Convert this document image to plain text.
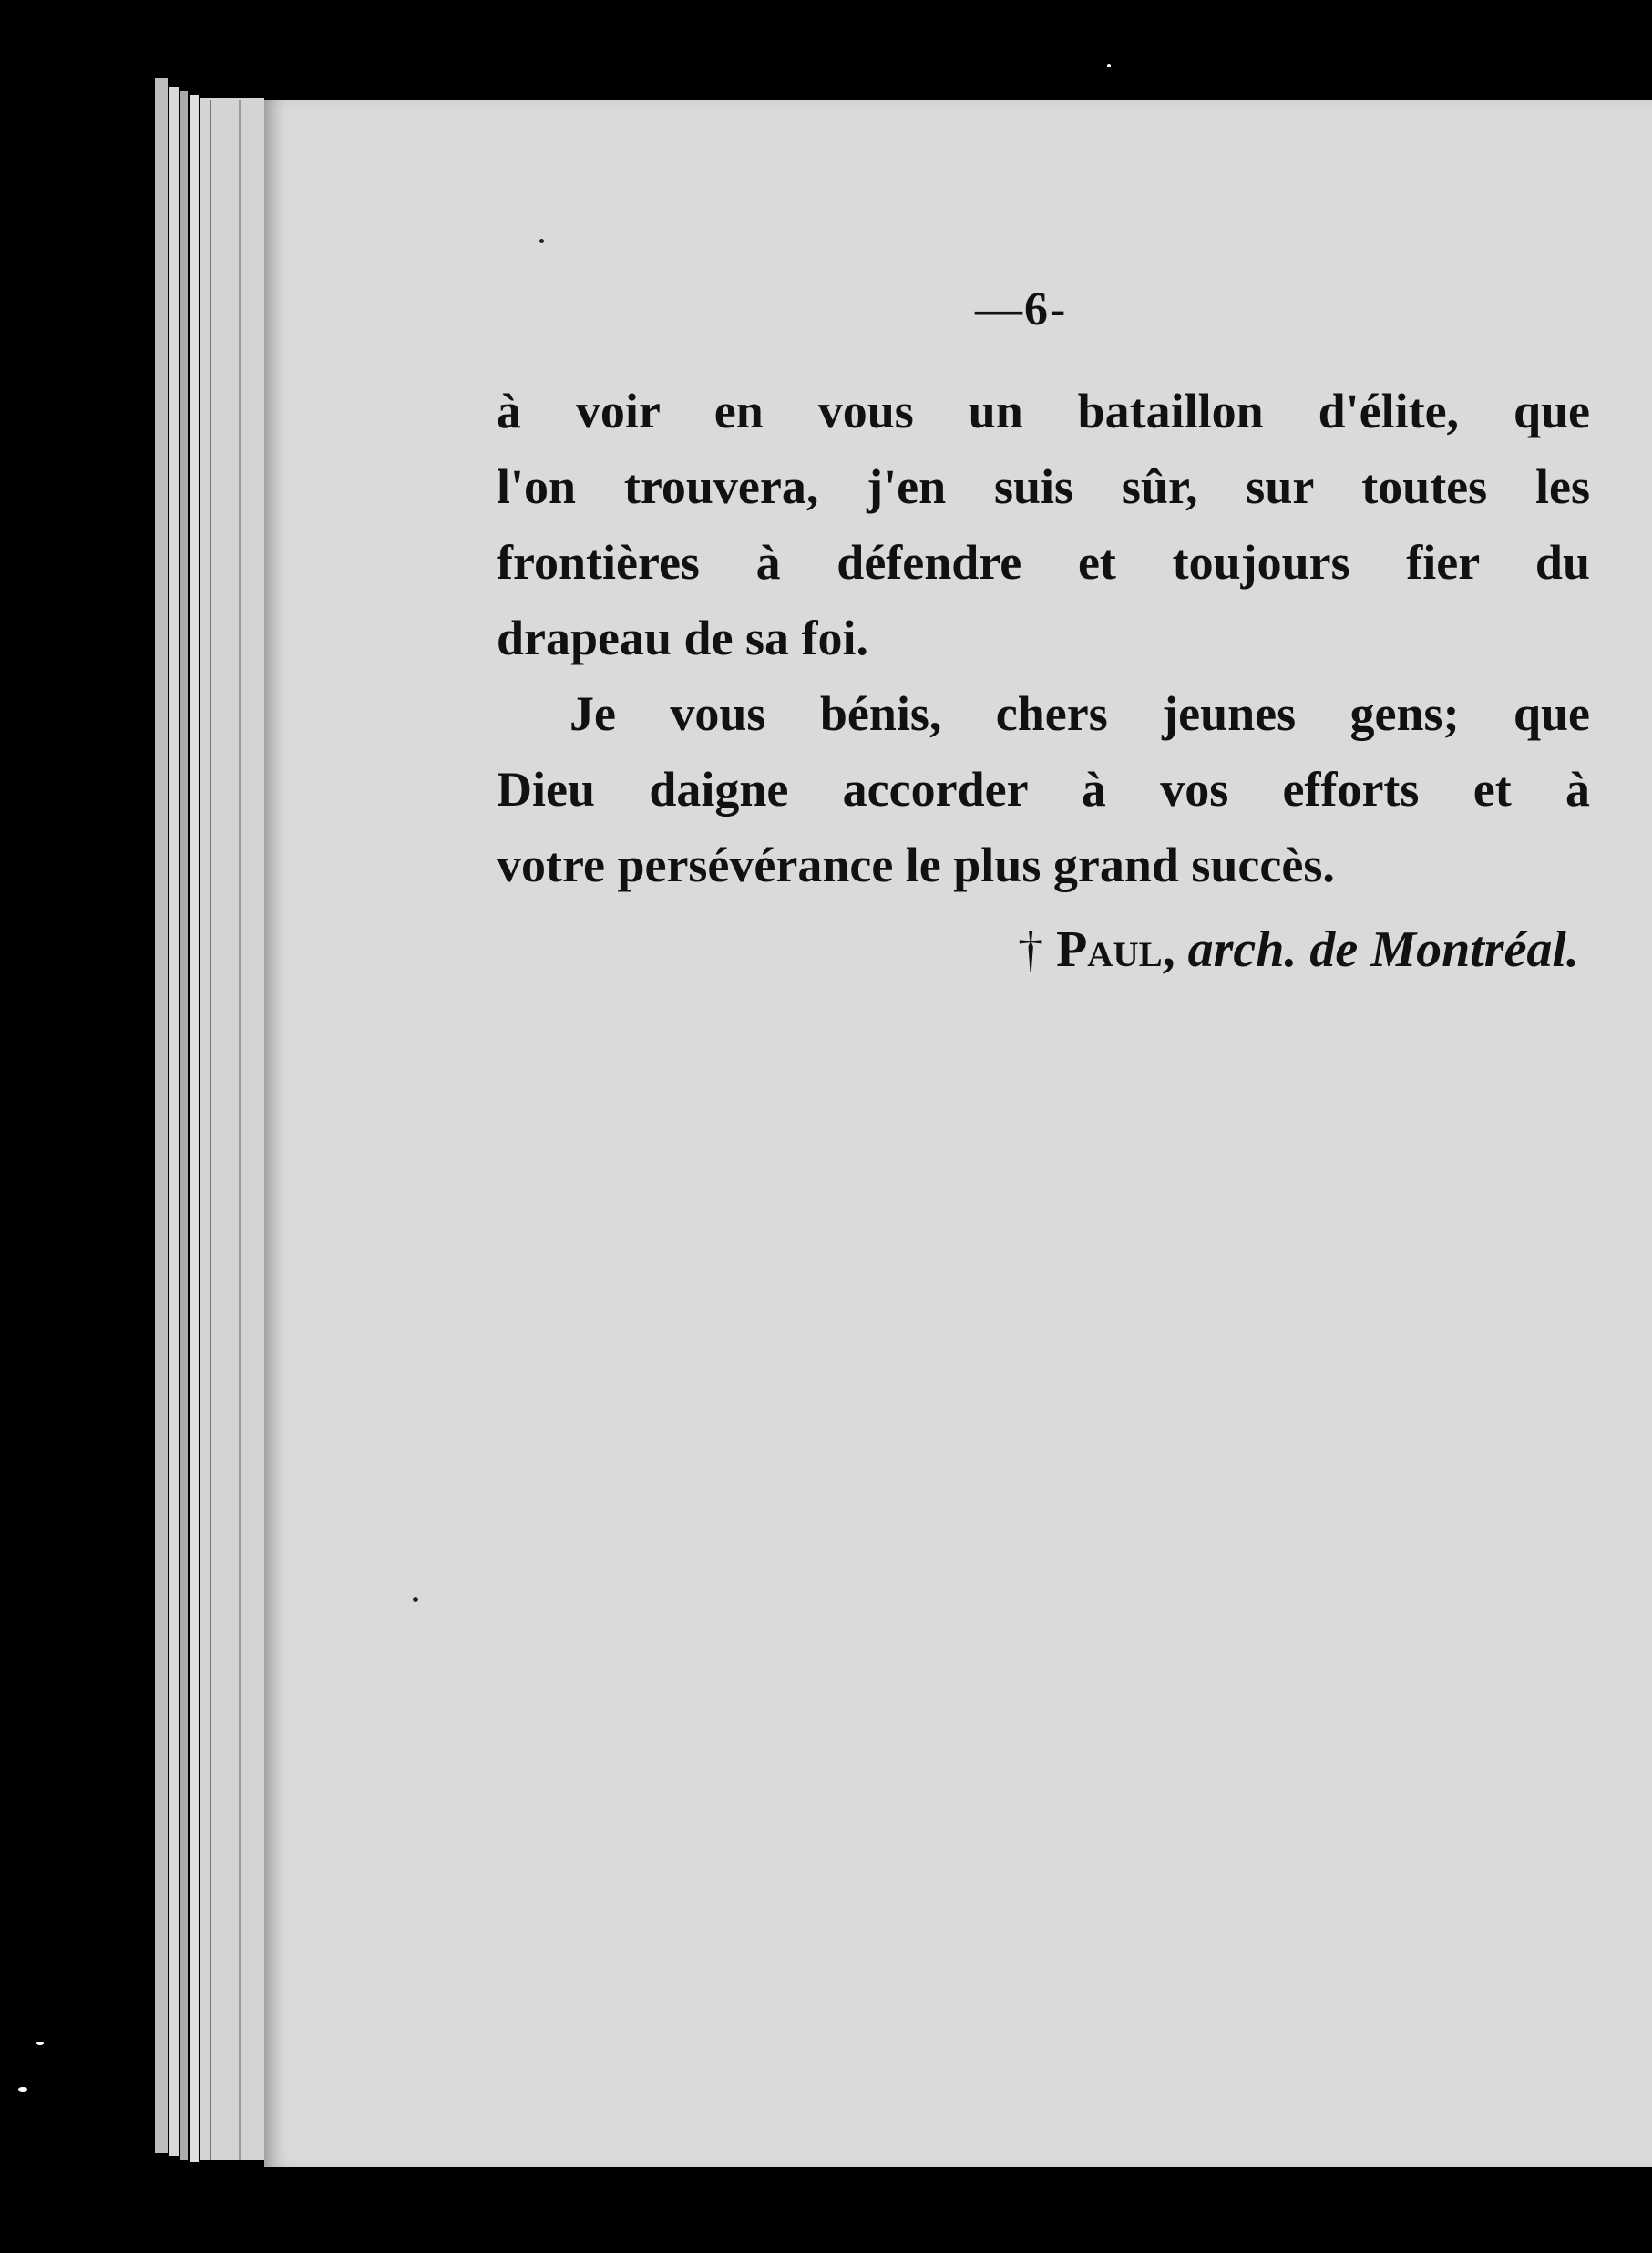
—6-

à voir en vous un bataillon d'élite, que
l'on trouvera, j'en suis sûr, sur toutes les
frontières à défendre et toujours fier du
drapeau de sa foi.

Je vous bénis, chers jeunes gens; que
Dieu daigne accorder à vos efforts et à
votre persévérance le plus grand succès.

† Paul, arch. de Montréal.
